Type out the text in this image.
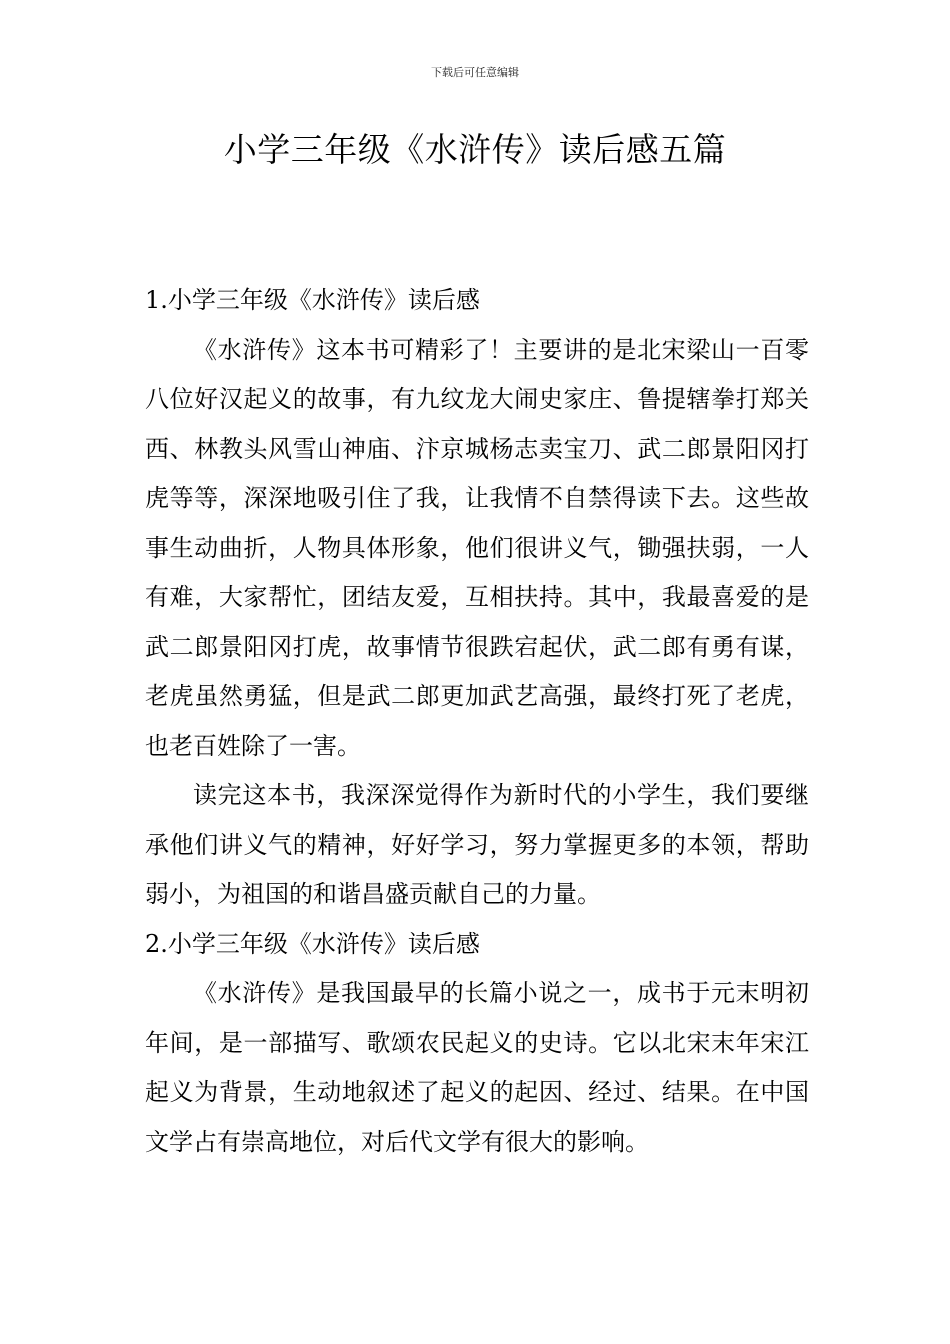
下载后可任意编辑
小学三年级《水浒传》读后感五篇

1.小学三年级《水浒传》读后感

《水浒传》这本书可精彩了！主要讲的是北宋梁山一百零八位好汉起义的故事，有九纹龙大闹史家庄、鲁提辖拳打郑关西、林教头风雪山神庙、汴京城杨志卖宝刀、武二郎景阳冈打虎等等，深深地吸引住了我，让我情不自禁得读下去。这些故事生动曲折，人物具体形象，他们很讲义气，锄强扶弱，一人有难，大家帮忙，团结友爱，互相扶持。其中，我最喜爱的是武二郎景阳冈打虎，故事情节很跌宕起伏，武二郎有勇有谋，老虎虽然勇猛，但是武二郎更加武艺高强，最终打死了老虎，也老百姓除了一害。

读完这本书，我深深觉得作为新时代的小学生，我们要继承他们讲义气的精神，好好学习，努力掌握更多的本领，帮助弱小，为祖国的和谐昌盛贡献自己的力量。

2.小学三年级《水浒传》读后感

《水浒传》是我国最早的长篇小说之一，成书于元末明初年间，是一部描写、歌颂农民起义的史诗。它以北宋末年宋江起义为背景，生动地叙述了起义的起因、经过、结果。在中国文学占有崇高地位，对后代文学有很大的影响。
